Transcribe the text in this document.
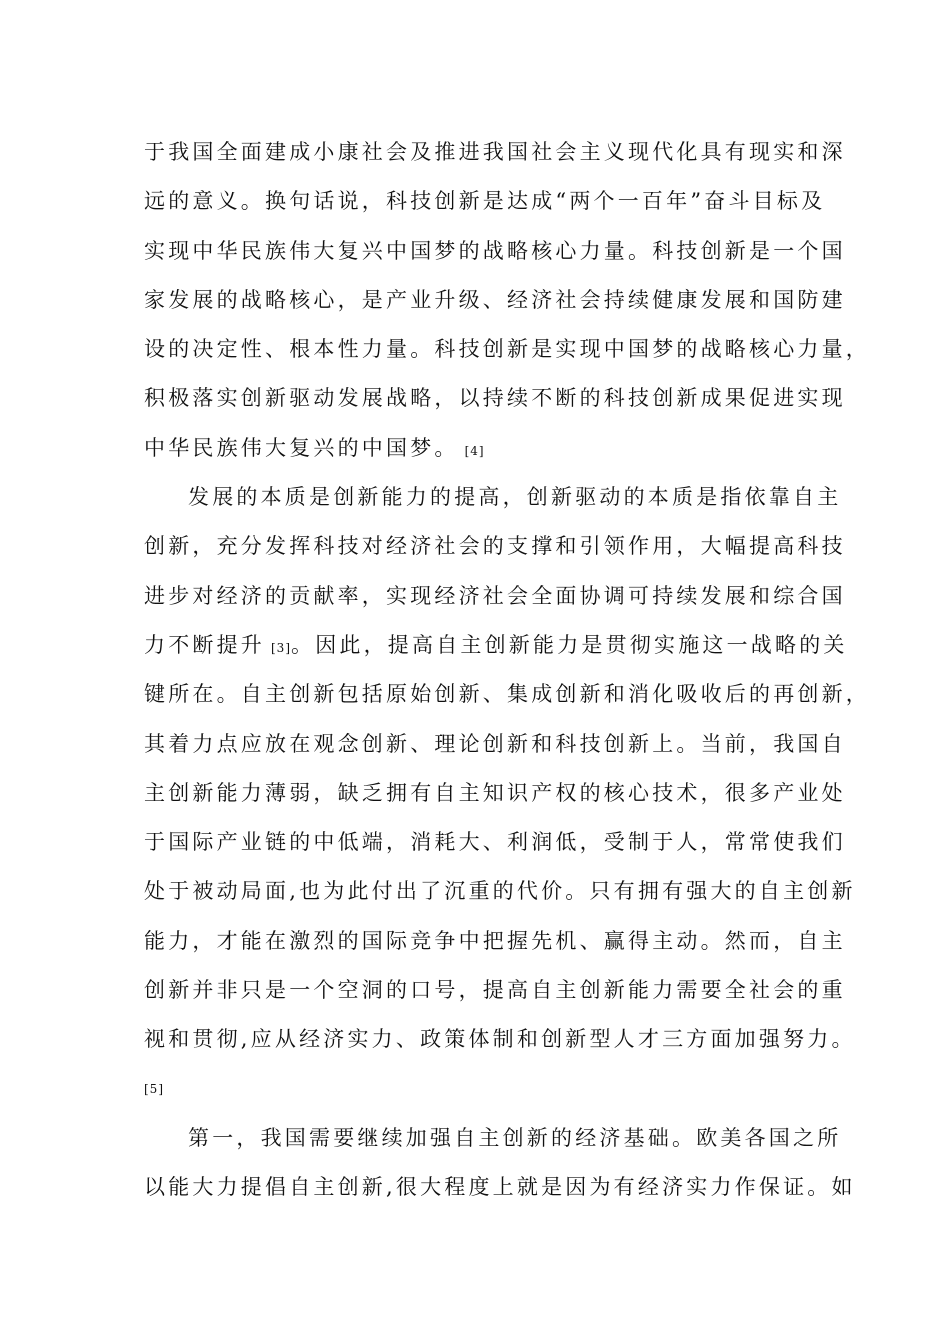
于我国全面建成小康社会及推进我国社会主义现代化具有现实和深
远的意义。换句话说，科技创新是达成“两个一百年”奋斗目标及
实现中华民族伟大复兴中国梦的战略核心力量。科技创新是一个国
家发展的战略核心，是产业升级、经济社会持续健康发展和国防建
设的决定性、根本性力量。科技创新是实现中国梦的战略核心力量，
积极落实创新驱动发展战略，以持续不断的科技创新成果促进实现
中华民族伟大复兴的中国梦。 [4]
发展的本质是创新能力的提高，创新驱动的本质是指依靠自主
创新，充分发挥科技对经济社会的支撑和引领作用，大幅提高科技
进步对经济的贡献率，实现经济社会全面协调可持续发展和综合国
力不断提升 [3]。因此，提高自主创新能力是贯彻实施这一战略的关
键所在。自主创新包括原始创新、集成创新和消化吸收后的再创新，
其着力点应放在观念创新、理论创新和科技创新上。当前，我国自
主创新能力薄弱，缺乏拥有自主知识产权的核心技术，很多产业处
于国际产业链的中低端，消耗大、利润低，受制于人，常常使我们
处于被动局面,也为此付出了沉重的代价。只有拥有强大的自主创新
能力，才能在激烈的国际竞争中把握先机、赢得主动。然而，自主
创新并非只是一个空洞的口号，提高自主创新能力需要全社会的重
视和贯彻,应从经济实力、政策体制和创新型人才三方面加强努力。
[5]
第一，我国需要继续加强自主创新的经济基础。欧美各国之所
以能大力提倡自主创新,很大程度上就是因为有经济实力作保证。如
